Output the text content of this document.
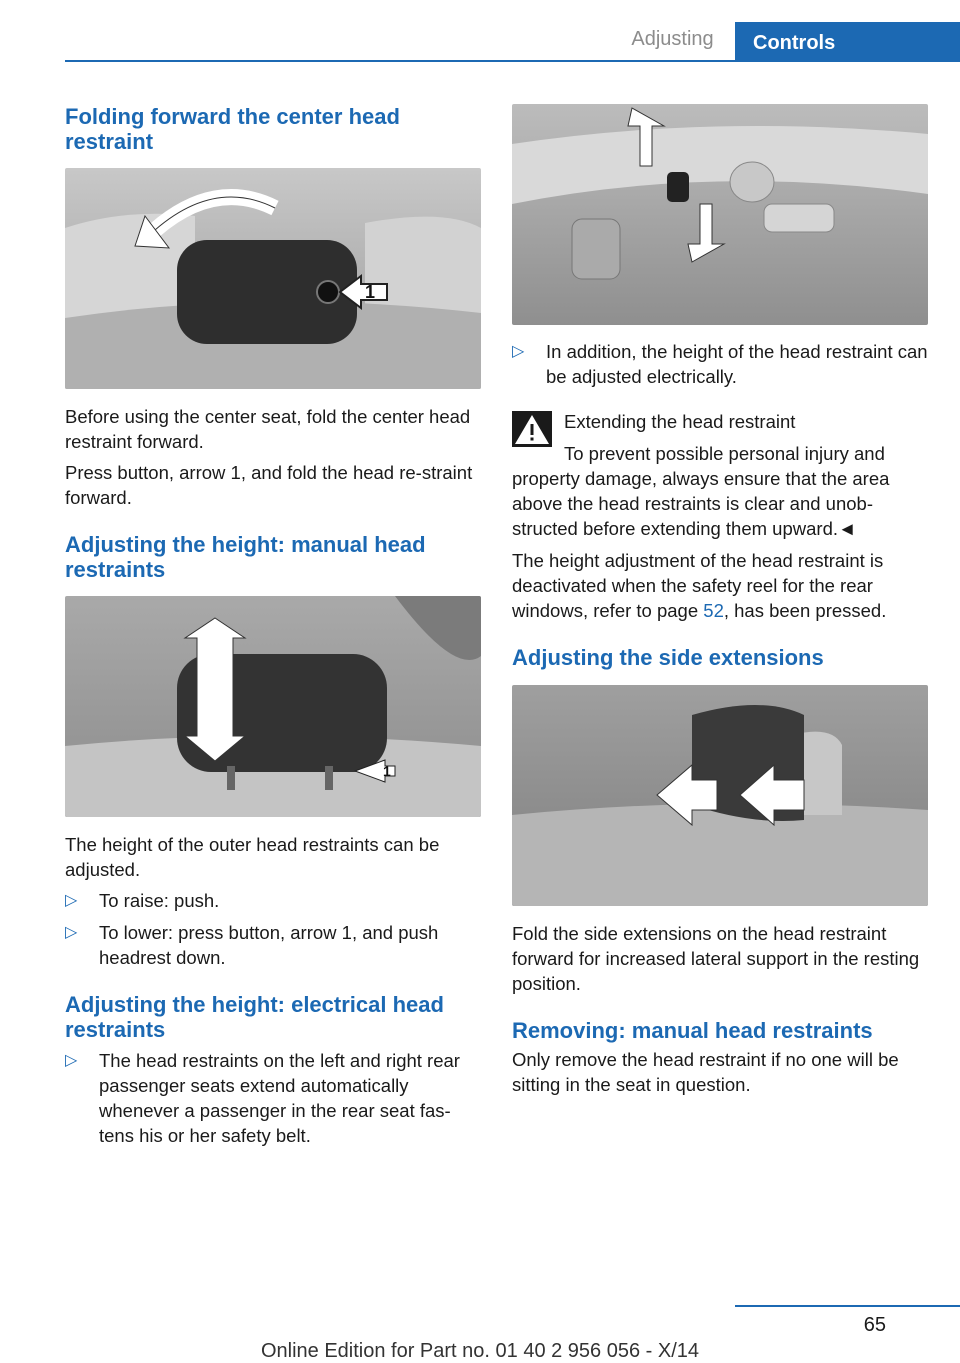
Adjusting	Controls
Folding forward the center head restraint
1

Before using the center seat, fold the center head restraint forward.

Press button, arrow 1, and fold the head re-straint forward.

Adjusting the height: manual head restraints
1

The height of the outer head restraints can be adjusted.

▷ To raise: push.
▷ To lower: press button, arrow 1, and push headrest down.
Adjusting the height: electrical head restraints
▷ The head restraints on the left and right rear passenger seats extend automatically whenever a passenger in the rear seat fas-tens his or her safety belt.
▷ In addition, the height of the head restraint can be adjusted electrically.

Extending the head restraint

To prevent possible personal injury and

property damage, always ensure that the area above the head restraints is clear and unob-structed before extending them upward.◄

The height adjustment of the head restraint is deactivated when the safety reel for the rear windows, refer to page 52, has been pressed.

Adjusting the side extensions

Fold the side extensions on the head restraint forward for increased lateral support in the resting position.

Removing: manual head restraints

Only remove the head restraint if no one will be sitting in the seat in question.

65
Online Edition for Part no. 01 40 2 956 056 - X/14
